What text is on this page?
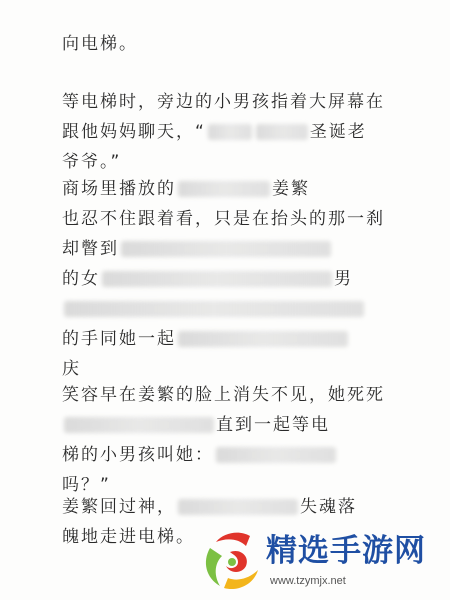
向电梯。
等电梯时，旁边的小男孩指着大屏幕在
跟他妈妈聊天，“	圣诞老
爷爷。”
商场里播放的	姜繁
也忍不住跟着看，只是在抬头的那一刹
却瞥到
的女	男
的手同她一起
庆
笑容早在姜繁的脸上消失不见，她死死
直到一起等电
梯的小男孩叫她：
吗？”
姜繁回过神，	失魂落
魄地走进电梯。	精选手游网
www.tzymjx.net
